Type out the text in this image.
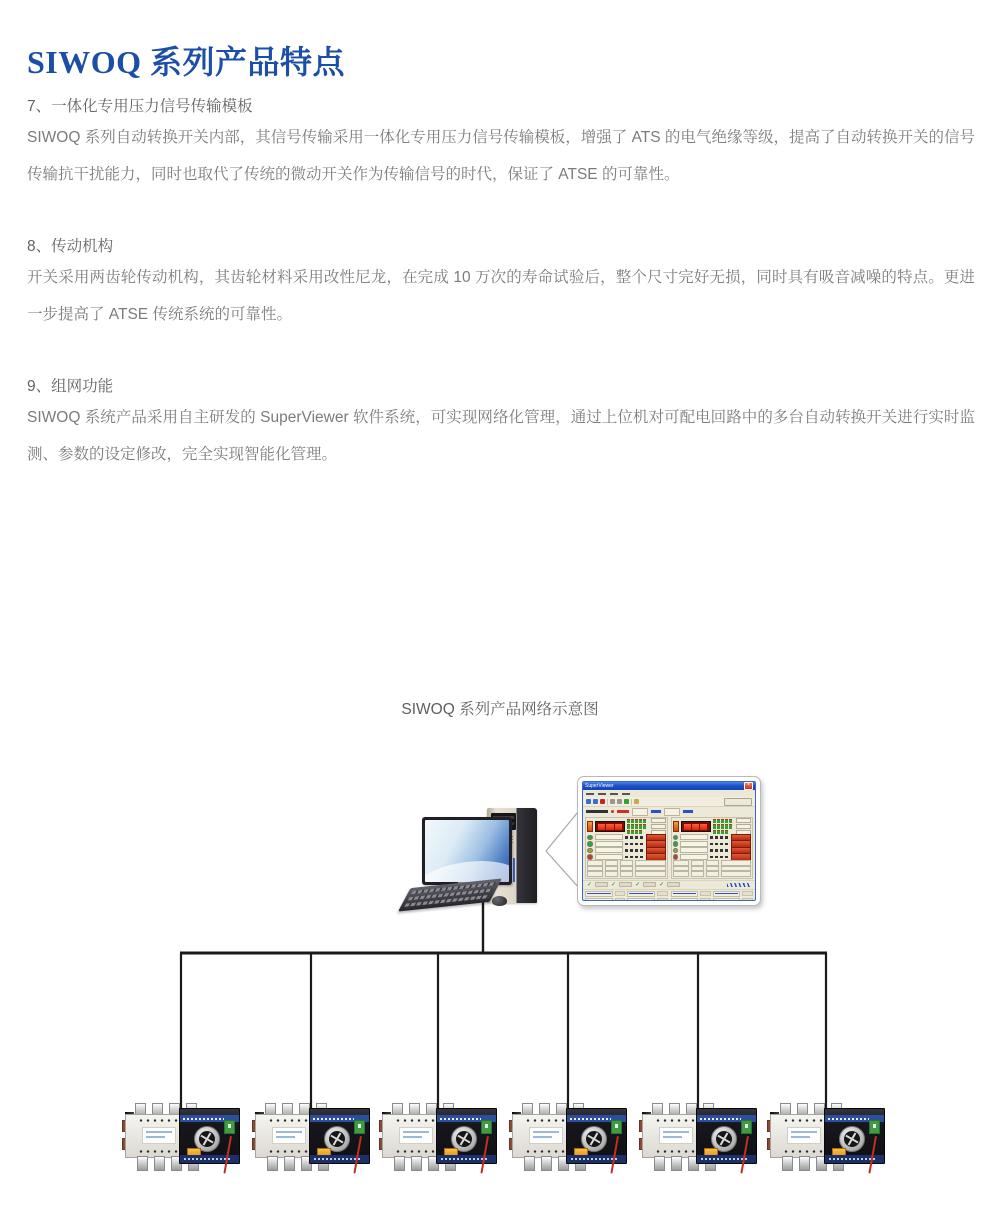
SIWOQ 系列产品特点
7、一体化专用压力信号传输模板
SIWOQ 系列自动转换开关内部，其信号传输采用一体化专用压力信号传输模板，增强了 ATS 的电气绝缘等级，提高了自动转换开关的信号传输抗干扰能力，同时也取代了传统的微动开关作为传输信号的时代，保证了 ATSE 的可靠性。
8、传动机构
开关采用两齿轮传动机构，其齿轮材料采用改性尼龙，在完成 10 万次的寿命试验后，整个尺寸完好无损，同时具有吸音减噪的特点。更进一步提高了 ATSE 传统系统的可靠性。
9、组网功能
SIWOQ 系统产品采用自主研发的 SuperViewer 软件系统，可实现网络化管理，通过上位机对可配电回路中的多台自动转换开关进行实时监测、参数的设定修改，完全实现智能化管理。
SIWOQ 系列产品网络示意图
SuperViewer	×
✓	✓	✓	✓
